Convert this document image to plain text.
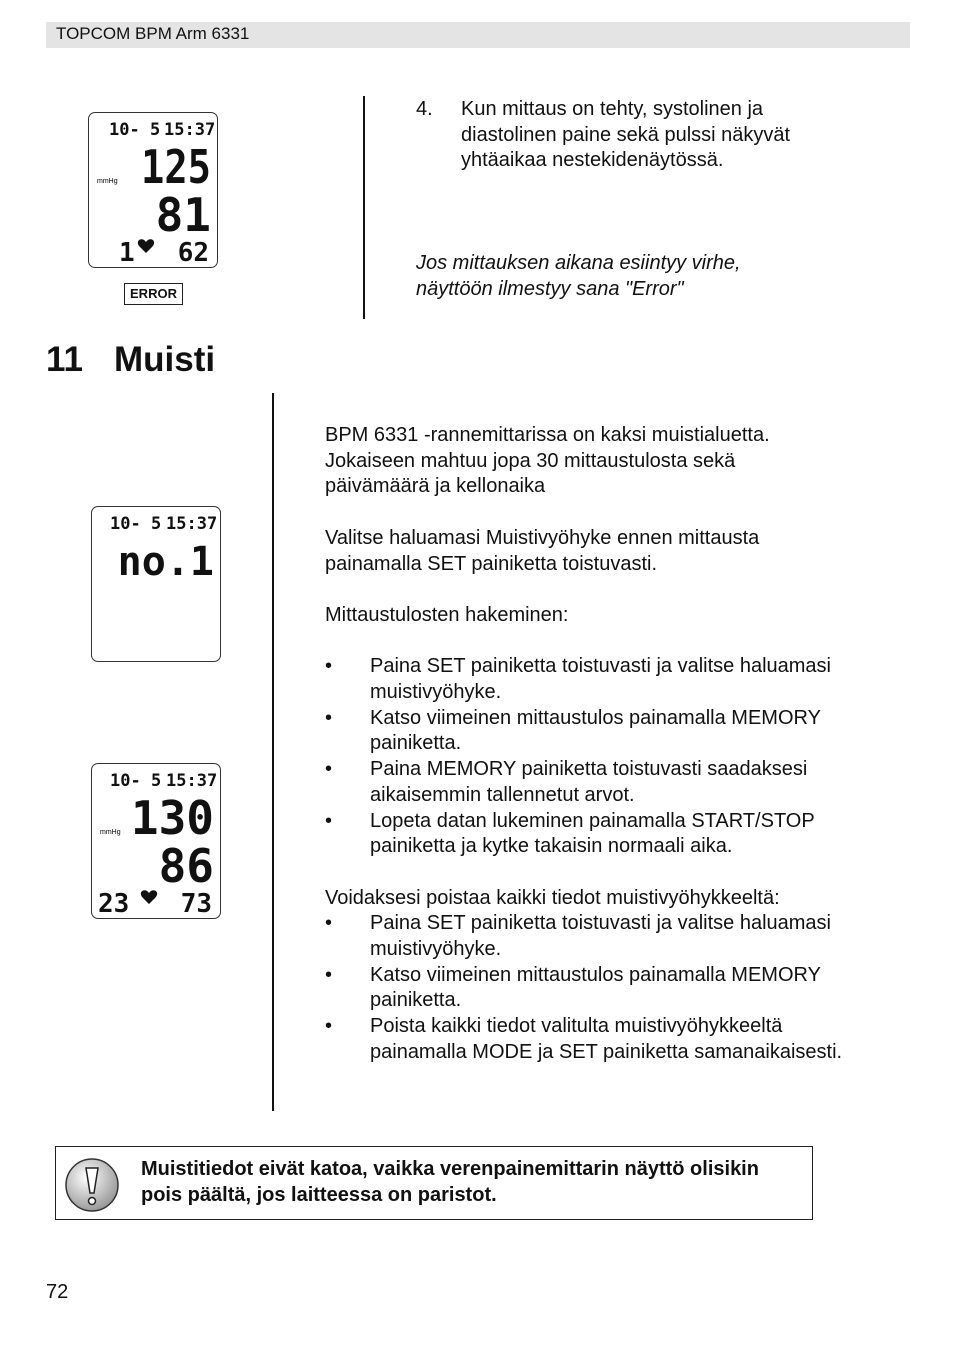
TOPCOM BPM Arm 6331
10- 5 15:37
mmHg 125
81
1 62
ERROR
4. Kun mittaus on tehty, systolinen ja diastolinen paine sekä pulssi näkyvät yhtäaikaa nestekidenäytössä.
Jos mittauksen aikana esiintyy virhe, näyttöön ilmestyy sana "Error"
11 Muisti
10- 5 15:37
no.1
10- 5 15:37
mmHg 130
86
23 73
BPM 6331 -rannemittarissa on kaksi muistialuetta. Jokaiseen mahtuu jopa 30 mittaustulosta sekä päivämäärä ja kellonaika
Valitse haluamasi Muistivyöhyke ennen mittausta painamalla SET painiketta toistuvasti.
Mittaustulosten hakeminen:
• Paina SET painiketta toistuvasti ja valitse haluamasi muistivyöhyke.
• Katso viimeinen mittaustulos painamalla MEMORY painiketta.
• Paina MEMORY painiketta toistuvasti saadaksesi aikaisemmin tallennetut arvot.
• Lopeta datan lukeminen painamalla START/STOP painiketta ja kytke takaisin normaali aika.
Voidaksesi poistaa kaikki tiedot muistivyöhykkeeltä:
• Paina SET painiketta toistuvasti ja valitse haluamasi muistivyöhyke.
• Katso viimeinen mittaustulos painamalla MEMORY painiketta.
• Poista kaikki tiedot valitulta muistivyöhykkeeltä painamalla MODE ja SET painiketta samanaikaisesti.
Muistitiedot eivät katoa, vaikka verenpainemittarin näyttö olisikin pois päältä, jos laitteessa on paristot.
72
